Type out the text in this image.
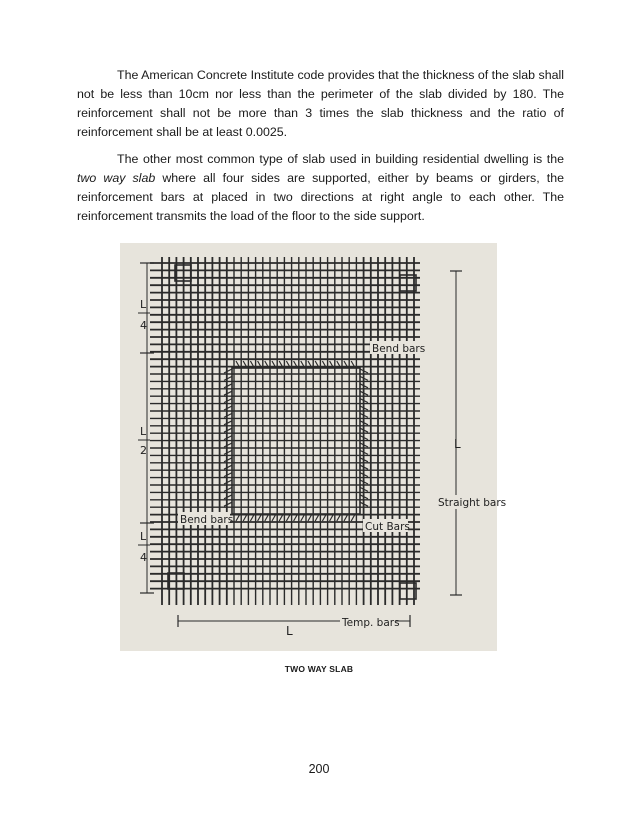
The American Concrete Institute code provides that the thickness of the slab shall not be less than 10cm nor less than the perimeter of the slab divided by 180. The reinforcement shall not be more than 3 times the slab thickness and the ratio of reinforcement shall be at least 0.0025.

The other most common type of slab used in building residential dwelling is the two way slab where all four sides are supported, either by beams or girders, the reinforcement bars at placed in two directions at right angle to each other. The reinforcement transmits the load of the floor to the side support.

Bend bars
Bend bars
Cut Bars
Straight bars
Temp. bars
L
L
L
4
L
2
L
4
TWO WAY SLAB
200
